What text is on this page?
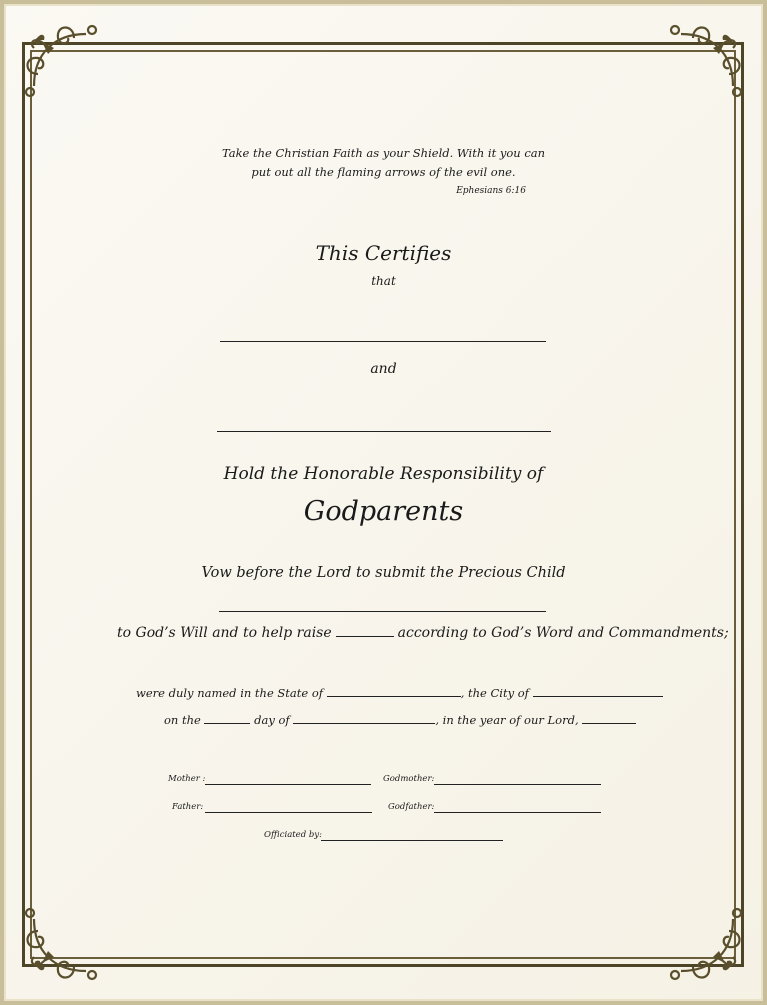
Take the Christian Faith as your Shield. With it you can
put out all the flaming arrows of the evil one.
Ephesians 6:16
This Certifies
that
and
Hold the Honorable Responsibility of
Godparents
Vow before the Lord to submit the Precious Child
to God’s Will and to help raise	according to God’s Word and Commandments;
were duly named in the State of	, the City of
on the	day of	, in the year of our Lord,
Mother :	Godmother:
Father:	Godfather:
Officiated by:
